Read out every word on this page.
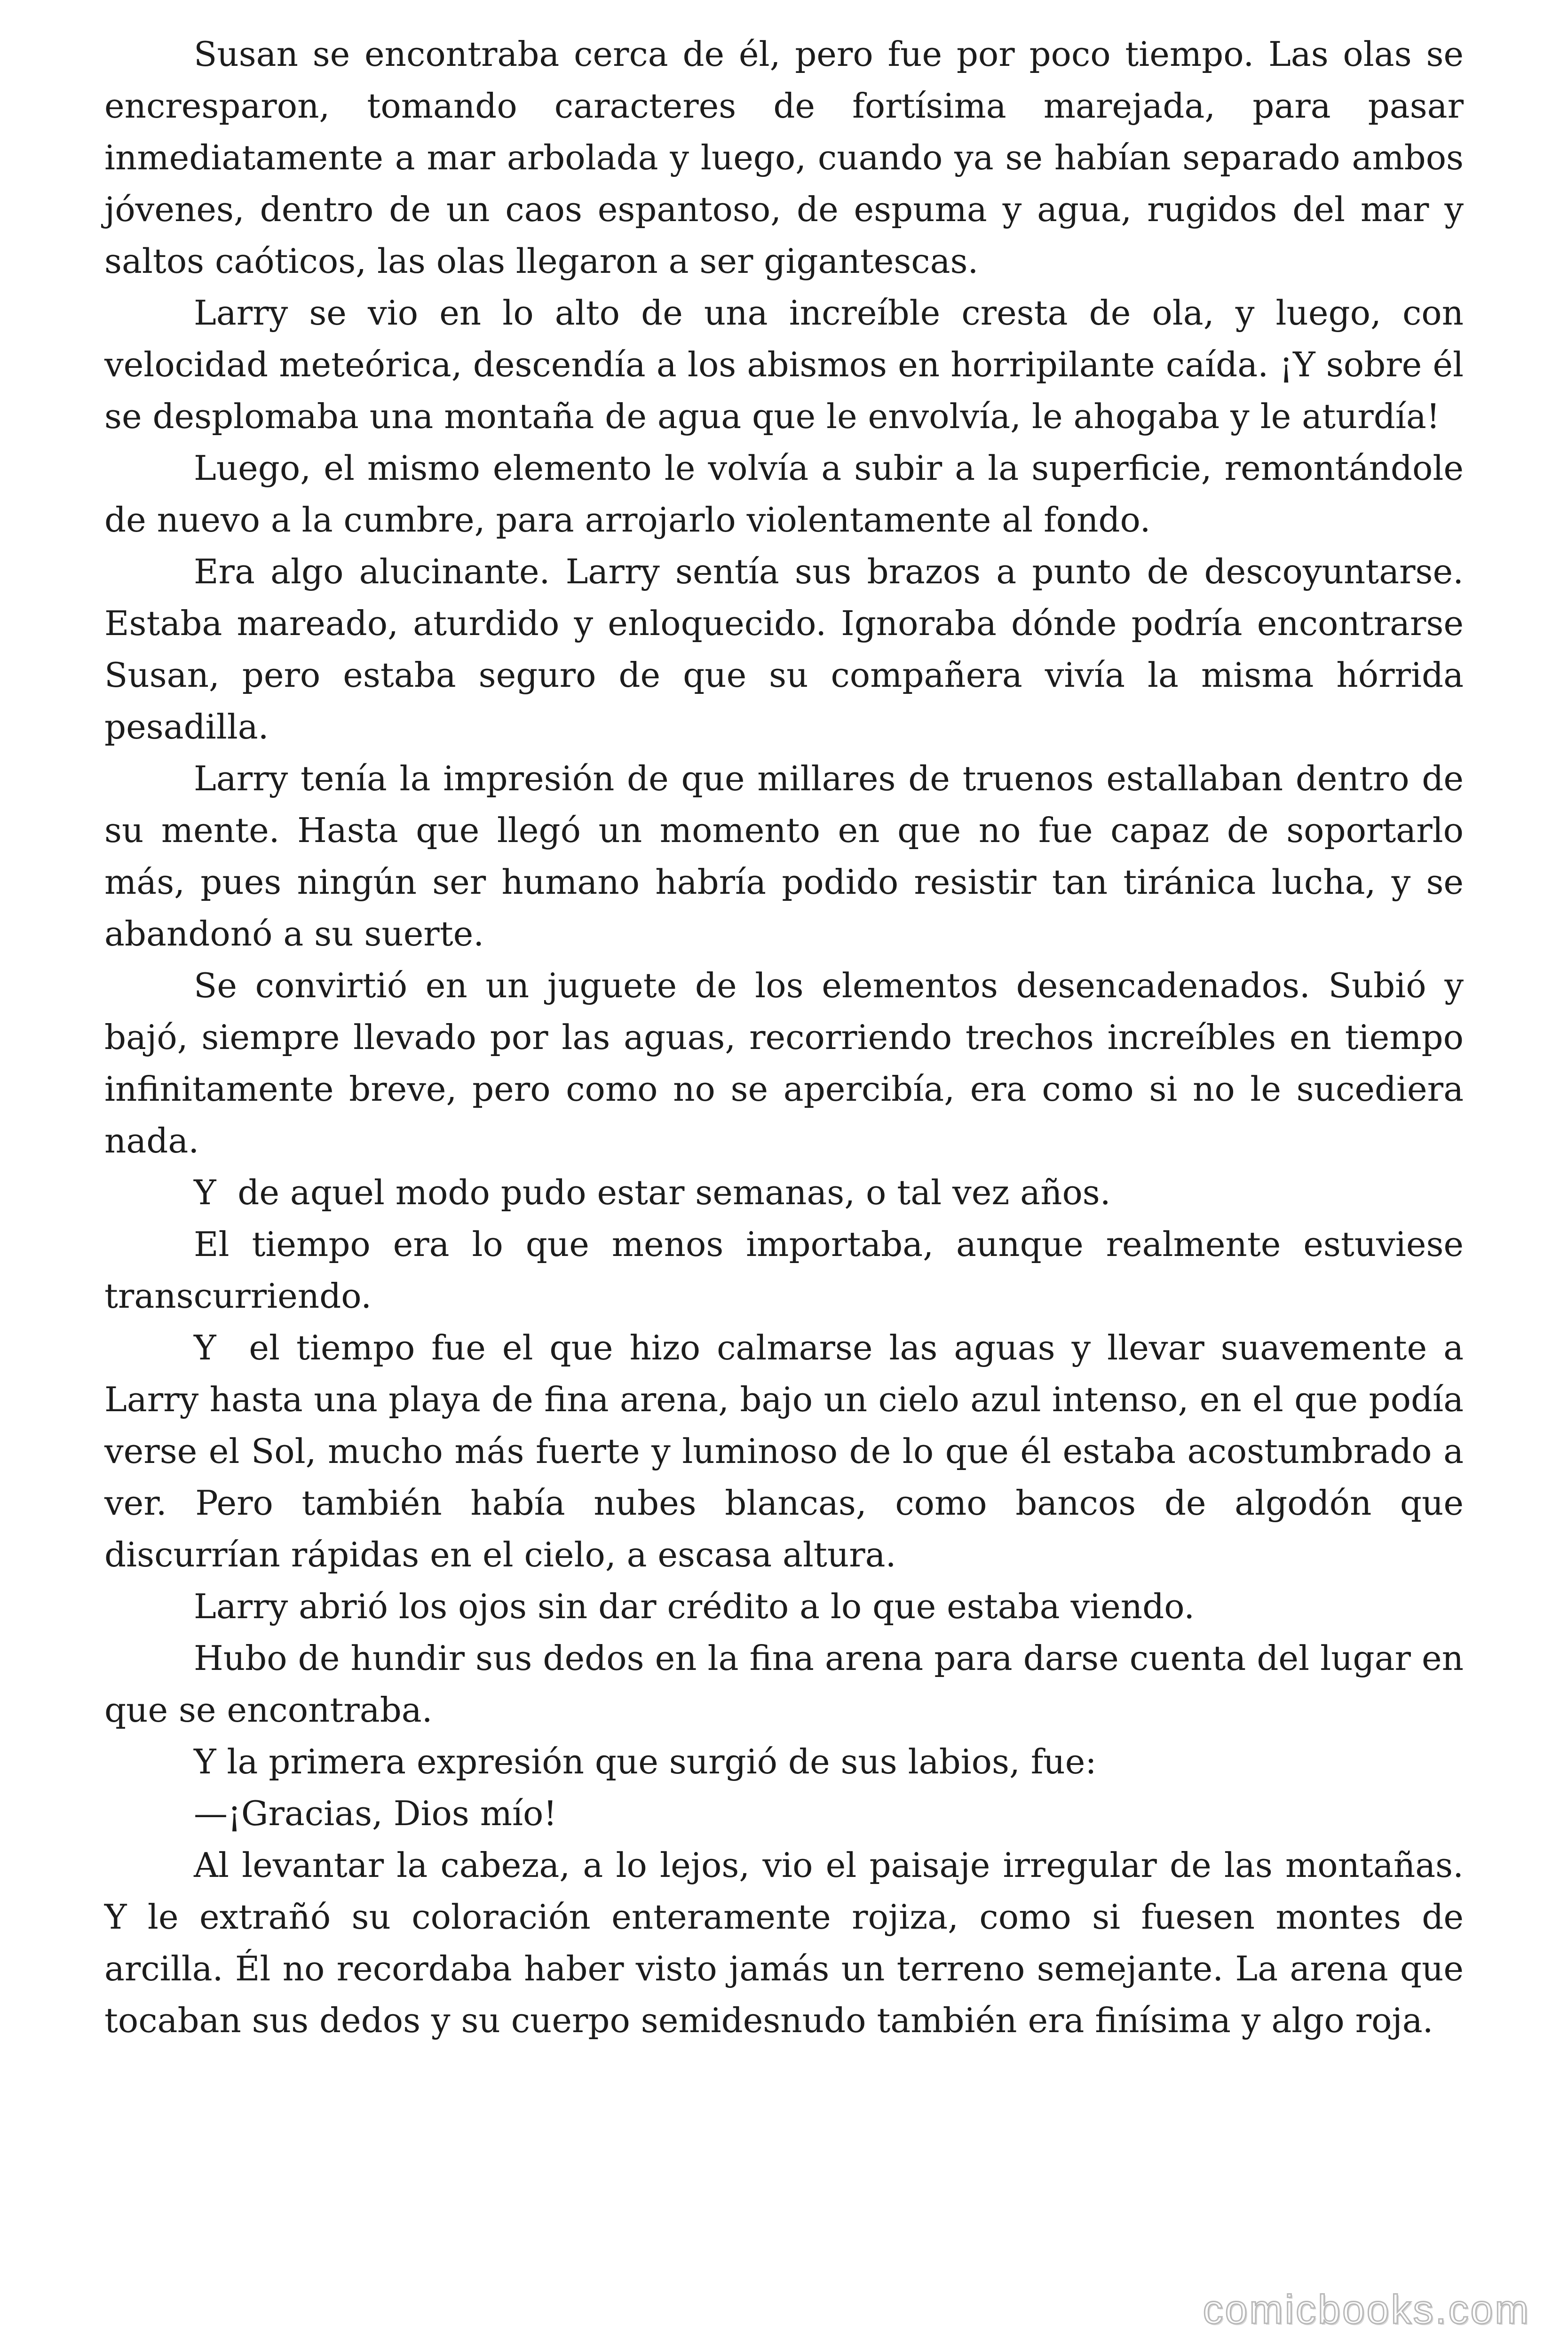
Susan se encontraba cerca de él, pero fue por poco tiempo. Las olas se encresparon, tomando caracteres de fortísima marejada, para pasar inmediatamente a mar arbolada y luego, cuando ya se habían separado ambos jóvenes, dentro de un caos espantoso, de espuma y agua, rugidos del mar y saltos caóticos, las olas llegaron a ser gigantescas.

Larry se vio en lo alto de una increíble cresta de ola, y luego, con velocidad meteórica, descendía a los abismos en horripilante caída. ¡Y sobre él se desplomaba una montaña de agua que le envolvía, le ahogaba y le aturdía!

Luego, el mismo elemento le volvía a subir a la superficie, remontándole de nuevo a la cumbre, para arrojarlo violentamente al fondo.

Era algo alucinante. Larry sentía sus brazos a punto de descoyuntarse. Estaba mareado, aturdido y enloquecido. Ignoraba dónde podría encontrarse Susan, pero estaba seguro de que su compañera vivía la misma hórrida pesadilla.

Larry tenía la impresión de que millares de truenos estallaban dentro de su mente. Hasta que llegó un momento en que no fue capaz de soportarlo más, pues ningún ser humano habría podido resistir tan tiránica lucha, y se abandonó a su suerte.

Se convirtió en un juguete de los elementos desencadenados. Subió y bajó, siempre llevado por las aguas, recorriendo trechos increíbles en tiempo infinitamente breve, pero como no se apercibía, era como si no le sucediera nada.

Y  de aquel modo pudo estar semanas, o tal vez años.

El tiempo era lo que menos importaba, aunque realmente estuviese transcurriendo.

Y  el tiempo fue el que hizo calmarse las aguas y llevar suavemente a Larry hasta una playa de fina arena, bajo un cielo azul intenso, en el que podía verse el Sol, mucho más fuerte y luminoso de lo que él estaba acostumbrado a ver. Pero también había nubes blancas, como bancos de algodón que discurrían rápidas en el cielo, a escasa altura.

Larry abrió los ojos sin dar crédito a lo que estaba viendo.

Hubo de hundir sus dedos en la fina arena para darse cuenta del lugar en que se encontraba.

Y la primera expresión que surgió de sus labios, fue:

—¡Gracias, Dios mío!

Al levantar la cabeza, a lo lejos, vio el paisaje irregular de las montañas. Y le extrañó su coloración enteramente rojiza, como si fuesen montes de arcilla. Él no recordaba haber visto jamás un terreno semejante. La arena que tocaban sus dedos y su cuerpo semidesnudo también era finísima y algo roja.

comicbooks.com
